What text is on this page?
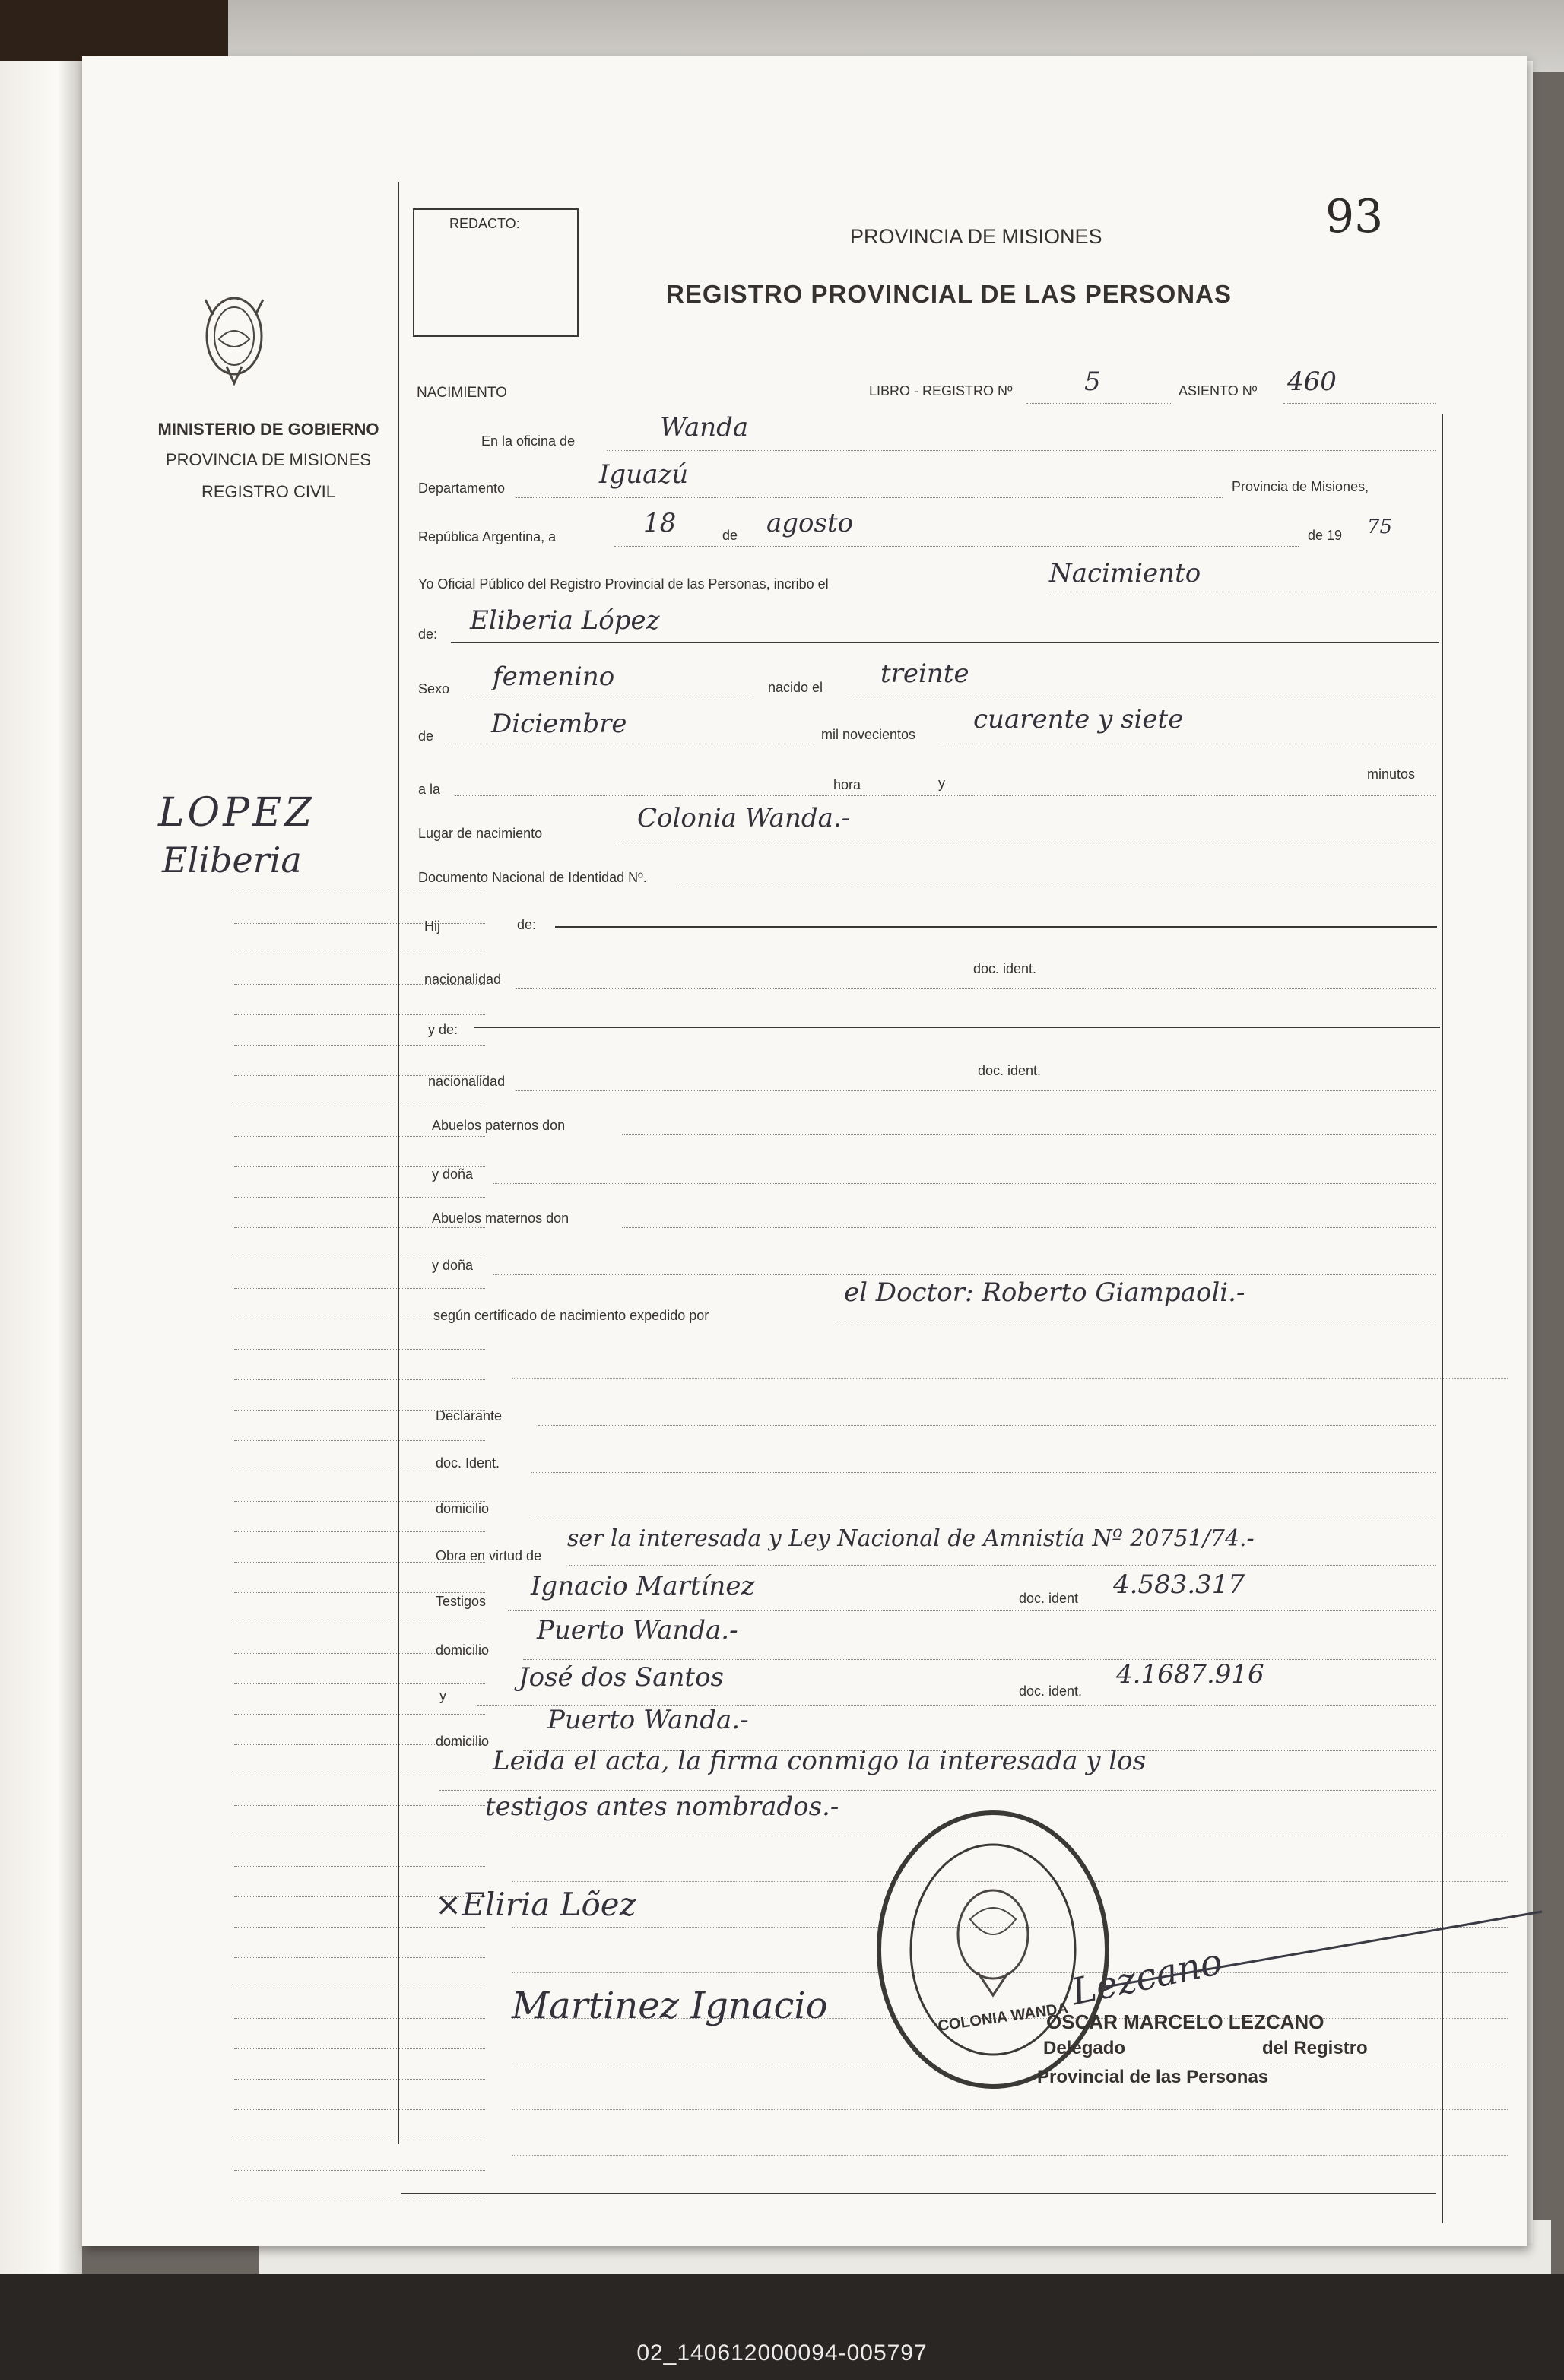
MINISTERIO DE GOBIERNO
PROVINCIA DE MISIONES
REGISTRO CIVIL
LOPEZ
Eliberia
REDACTO:	93
PROVINCIA DE MISIONES
REGISTRO PROVINCIAL DE LAS PERSONAS
NACIMIENTO	LIBRO - REGISTRO Nº	5	ASIENTO Nº 460
En la oficina de	Wanda
Departamento	Iguazú	Provincia de Misiones,
República Argentina, a	18	de agosto	de 19 75
Yo Oficial Público del Registro Provincial de las Personas, incribo el	Nacimiento
de: Eliberia López
Sexo femenino	nacido el treinte
de Diciembre	mil novecientos cuarente y siete
a la	hora	y
minutos
Lugar de nacimiento	Colonia Wanda.-
Documento Nacional de Identidad Nº.
Hij	de:
nacionalidad
doc. ident.
y de:
nacionalidad
doc. ident.
Abuelos paternos don
y doña
Abuelos maternos don
y doña
según certificado de nacimiento expedido por
el Doctor: Roberto Giampaoli.-
Declarante
doc. Ident.
domicilio
Obra en virtud de
ser la interesada y Ley Nacional de Amnistía Nº 20751/74.-
Testigos Ignacio Martínez	doc. ident 4.583.317
domicilio
Puerto Wanda.-
y
José dos Santos	doc. ident.
4.1687.916
domicilio
Puerto Wanda.-
Leida el acta, la firma conmigo la interesada y los
testigos antes nombrados.-
×Eliria Lõez
Martinez Ignacio	Lezcano
COLONIA WANDA
OSCAR MARCELO LEZCANO
Delegado	del Registro
Provincial de las Personas
02_140612000094-005797
